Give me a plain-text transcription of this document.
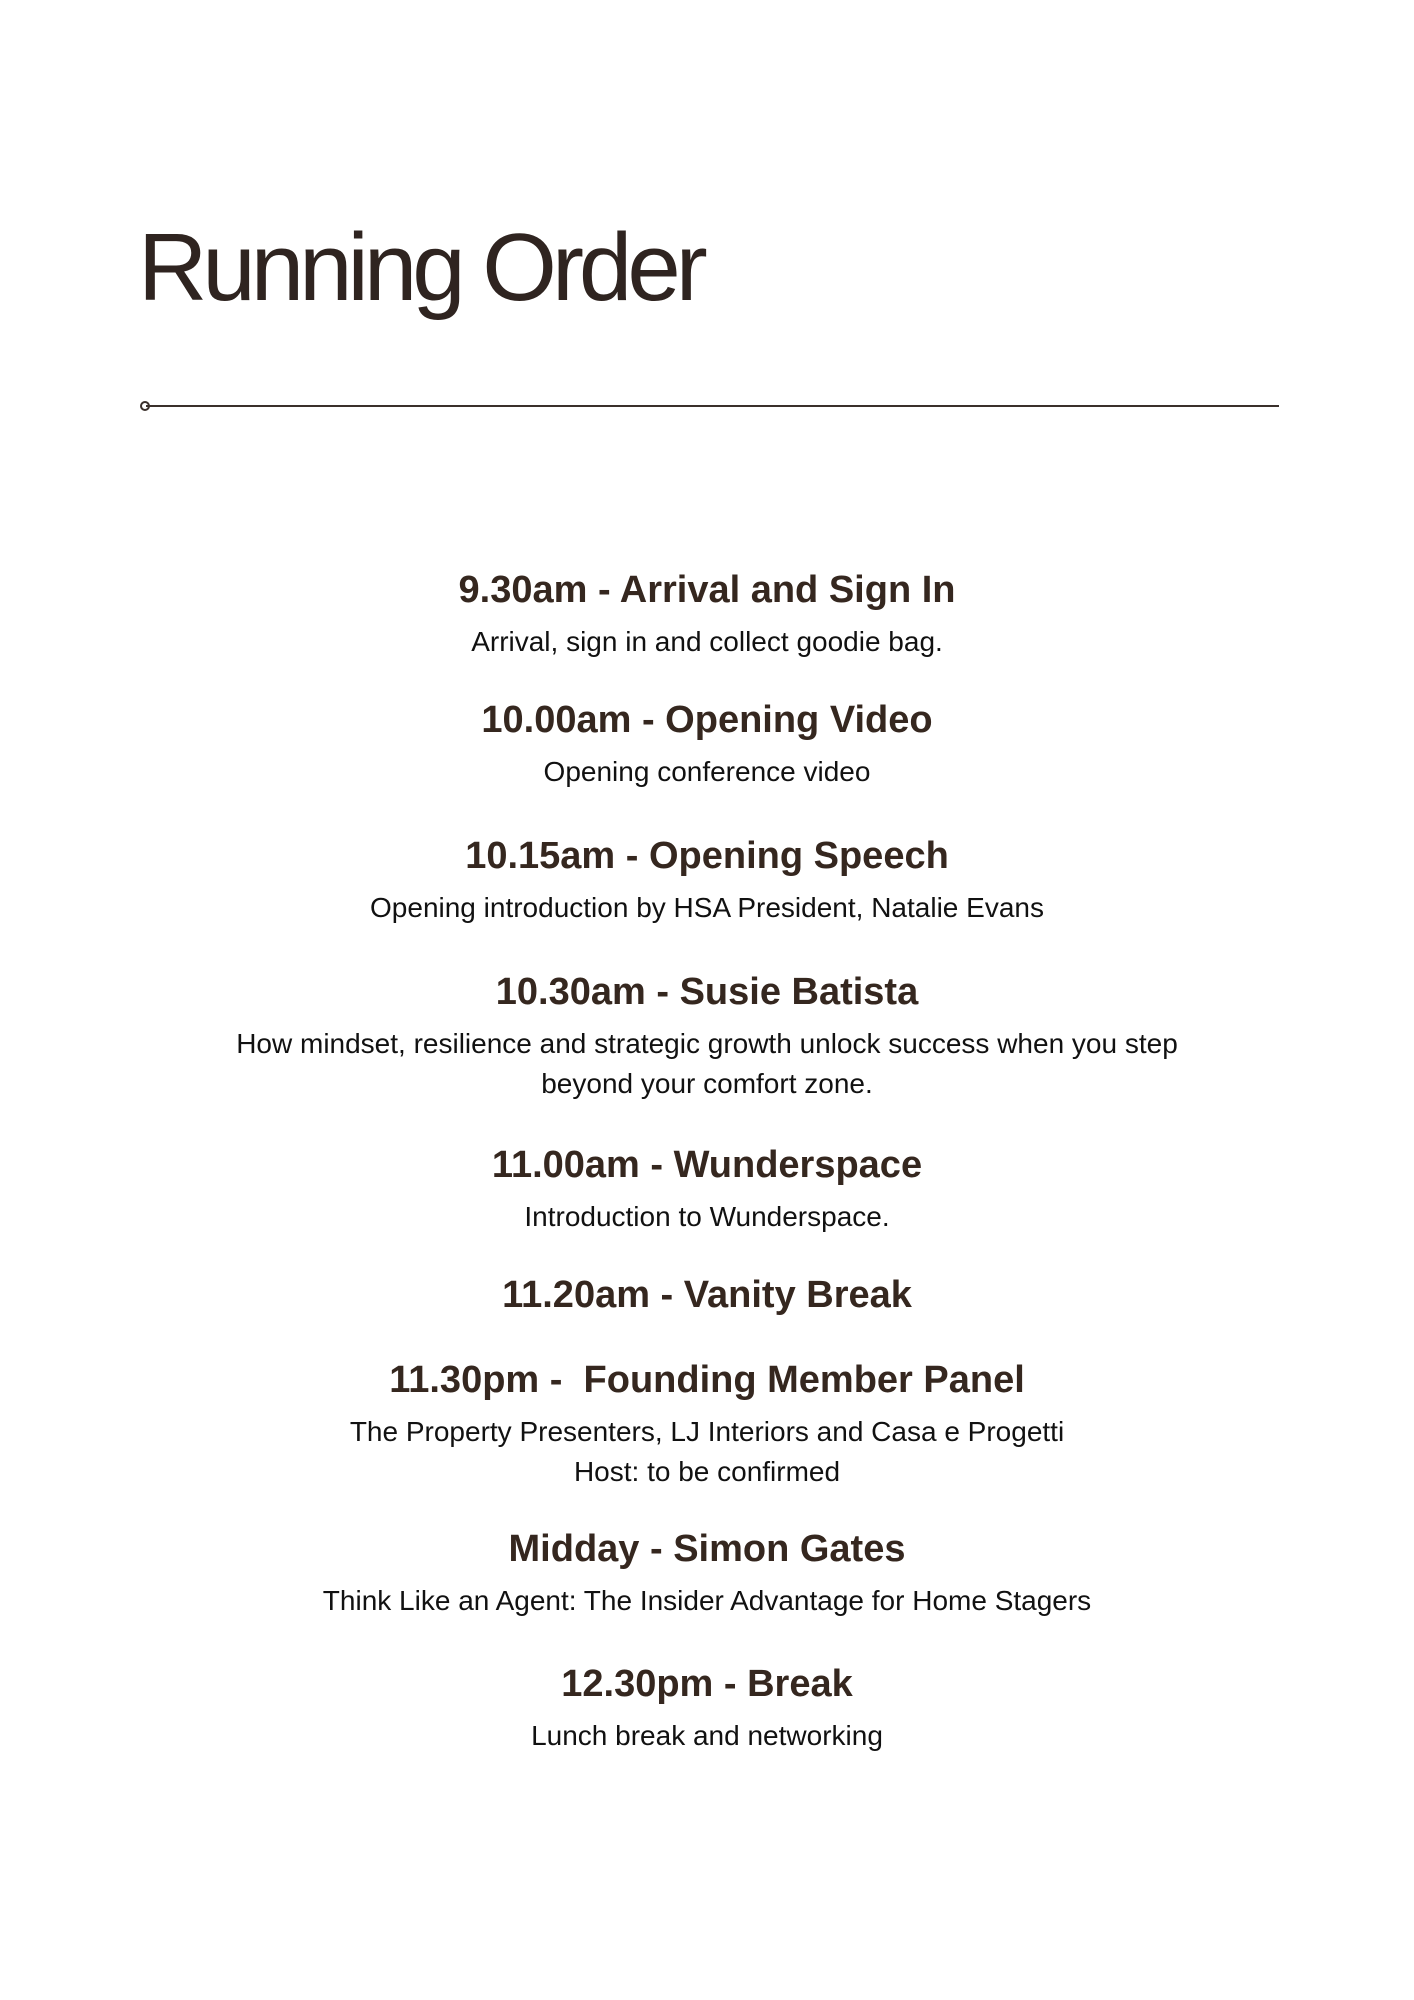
Running Order

9.30am - Arrival and Sign In

Arrival, sign in and collect goodie bag.

10.00am - Opening Video

Opening conference video

10.15am - Opening Speech

Opening introduction by HSA President, Natalie Evans

10.30am - Susie Batista

How mindset, resilience and strategic growth unlock success when you step
beyond your comfort zone.

11.00am - Wunderspace

Introduction to Wunderspace.

11.20am - Vanity Break

11.30pm -  Founding Member Panel

The Property Presenters, LJ Interiors and Casa e Progetti
Host: to be confirmed

Midday - Simon Gates

Think Like an Agent: The Insider Advantage for Home Stagers

12.30pm - Break

Lunch break and networking
